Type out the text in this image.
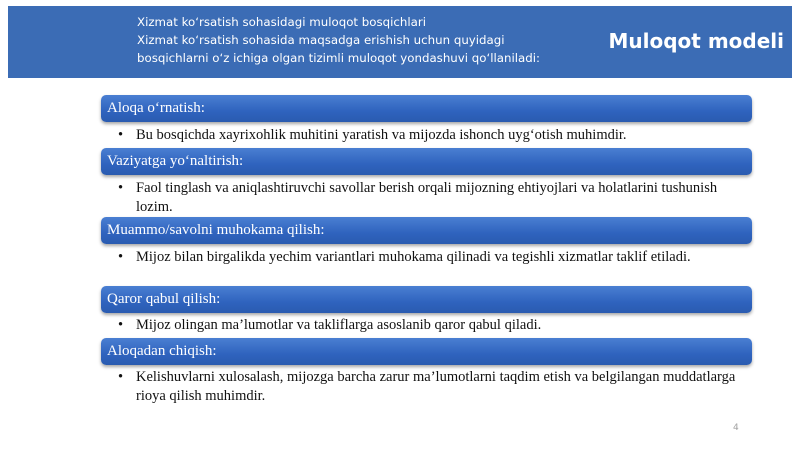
Xizmat ko‘rsatish sohasidagi muloqot bosqichlari
Xizmat ko‘rsatish sohasida maqsadga erishish uchun quyidagi
bosqichlarni o‘z ichiga olgan tizimli muloqot yondashuvi qo‘llaniladi:
Muloqot modeli
Aloqa o‘rnatish:
• Bu bosqichda xayrixohlik muhitini yaratish va mijozda ishonch uyg‘otish muhimdir.
Vaziyatga yo‘naltirish:
• Faol tinglash va aniqlashtiruvchi savollar berish orqali mijozning ehtiyojlari va holatlarini tushunish lozim.
Muammo/savolni muhokama qilish:
• Mijoz bilan birgalikda yechim variantlari muhokama qilinadi va tegishli xizmatlar taklif etiladi.
Qaror qabul qilish:
• Mijoz olingan ma’lumotlar va takliflarga asoslanib qaror qabul qiladi.
Aloqadan chiqish:
• Kelishuvlarni xulosalash, mijozga barcha zarur ma’lumotlarni taqdim etish va belgilangan muddatlarga rioya qilish muhimdir.
4
